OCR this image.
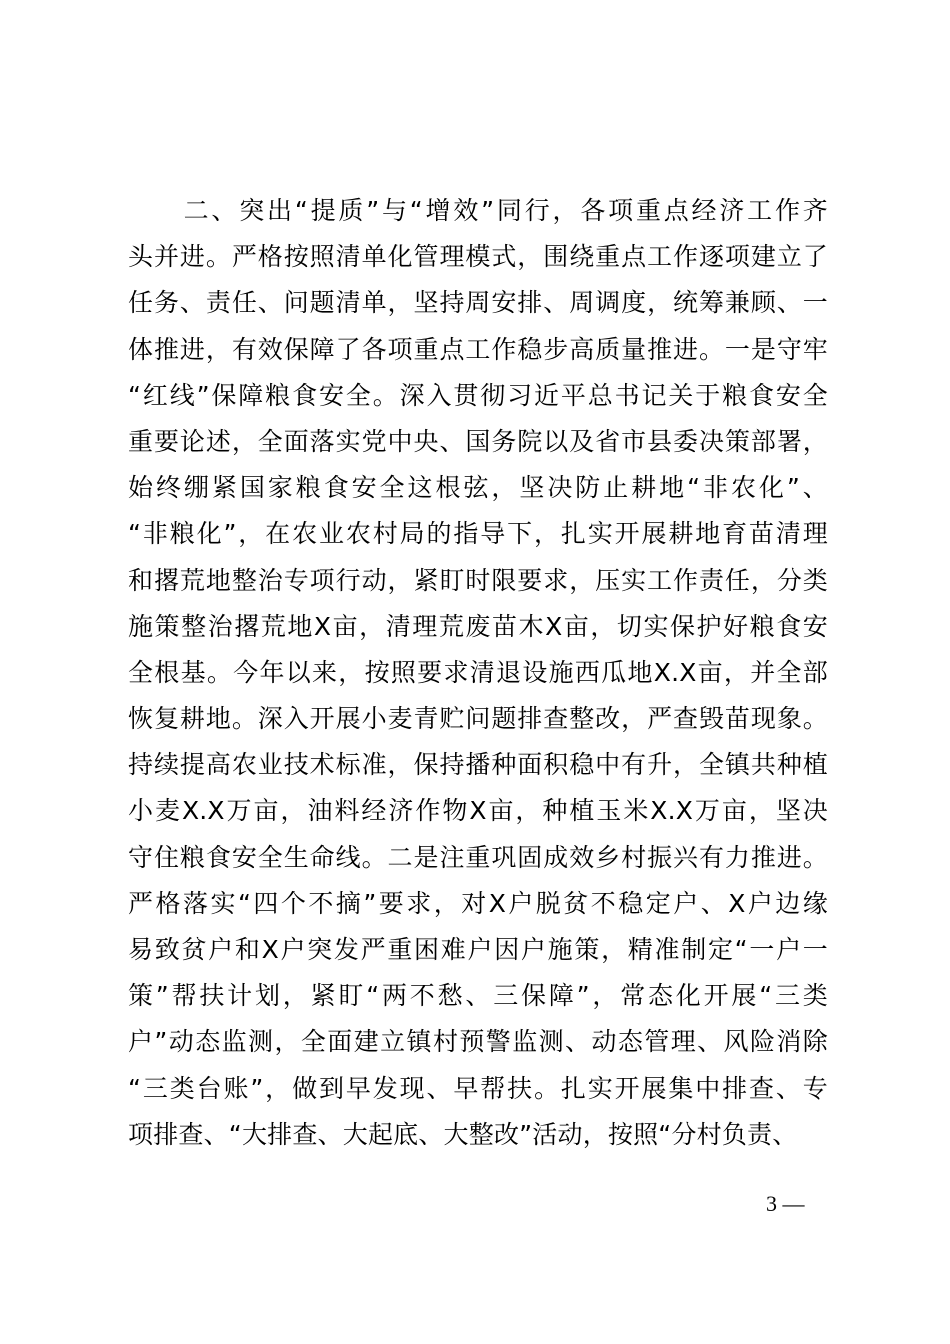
　　二、突出“提质”与“增效”同行，各项重点经济工作齐
头并进。严格按照清单化管理模式，围绕重点工作逐项建立了
任务、责任、问题清单，坚持周安排、周调度，统筹兼顾、一
体推进，有效保障了各项重点工作稳步高质量推进。一是守牢
“红线”保障粮食安全。深入贯彻习近平总书记关于粮食安全
重要论述，全面落实党中央、国务院以及省市县委决策部署，
始终绷紧国家粮食安全这根弦，坚决防止耕地“非农化”、
“非粮化”，在农业农村局的指导下，扎实开展耕地育苗清理
和撂荒地整治专项行动，紧盯时限要求，压实工作责任，分类
施策整治撂荒地X亩，清理荒废苗木X亩，切实保护好粮食安
全根基。今年以来，按照要求清退设施西瓜地X.X亩，并全部
恢复耕地。深入开展小麦青贮问题排查整改，严查毁苗现象。
持续提高农业技术标准，保持播种面积稳中有升，全镇共种植
小麦X.X万亩，油料经济作物X亩，种植玉米X.X万亩，坚决
守住粮食安全生命线。二是注重巩固成效乡村振兴有力推进。
严格落实“四个不摘”要求，对X户脱贫不稳定户、X户边缘
易致贫户和X户突发严重困难户因户施策，精准制定“一户一
策”帮扶计划，紧盯“两不愁、三保障”，常态化开展“三类
户”动态监测，全面建立镇村预警监测、动态管理、风险消除
“三类台账”，做到早发现、早帮扶。扎实开展集中排查、专
项排查、“大排查、大起底、大整改”活动，按照“分村负责、
3 —
